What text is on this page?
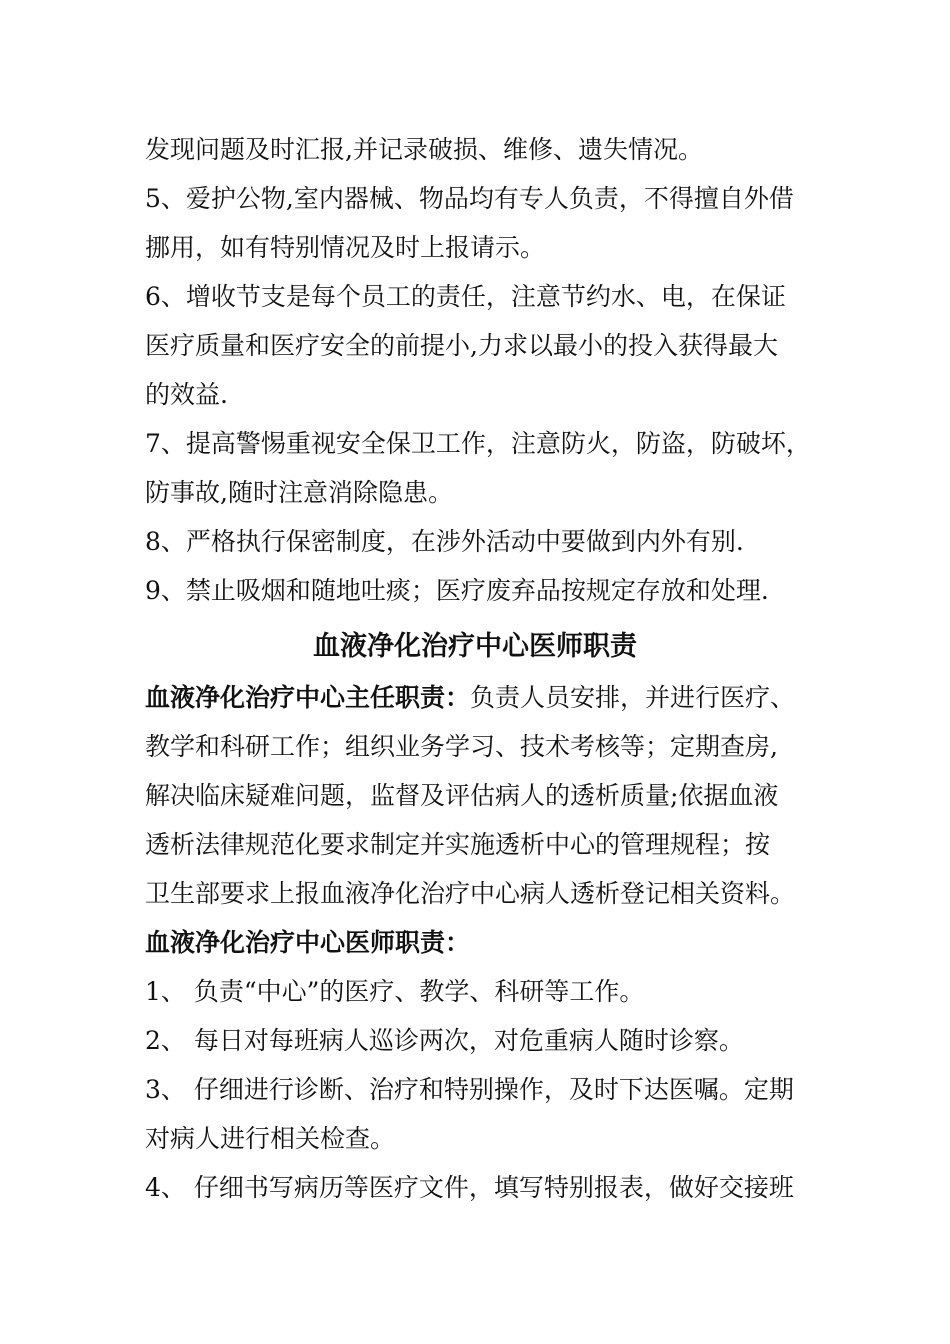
发现问题及时汇报,并记录破损、维修、遗失情况。
5、爱护公物,室内器械、物品均有专人负责，不得擅自外借
挪用，如有特别情况及时上报请示。
6、增收节支是每个员工的责任，注意节约水、电，在保证
医疗质量和医疗安全的前提小,力求以最小的投入获得最大
的效益.
7、提高警惕重视安全保卫工作，注意防火，防盗，防破坏，
防事故,随时注意消除隐患。
8、严格执行保密制度，在涉外活动中要做到内外有别.
9、禁止吸烟和随地吐痰；医疗废弃品按规定存放和处理.
血液净化治疗中心医师职责
血液净化治疗中心主任职责：负责人员安排，并进行医疗、
教学和科研工作；组织业务学习、技术考核等；定期查房,
解决临床疑难问题，监督及评估病人的透析质量;依据血液
透析法律规范化要求制定并实施透析中心的管理规程；按
卫生部要求上报血液净化治疗中心病人透析登记相关资料。
血液净化治疗中心医师职责：
1、 负责“中心”的医疗、教学、科研等工作。
2、 每日对每班病人巡诊两次，对危重病人随时诊察。
3、 仔细进行诊断、治疗和特别操作，及时下达医嘱。定期
对病人进行相关检查。
4、 仔细书写病历等医疗文件，填写特别报表，做好交接班
